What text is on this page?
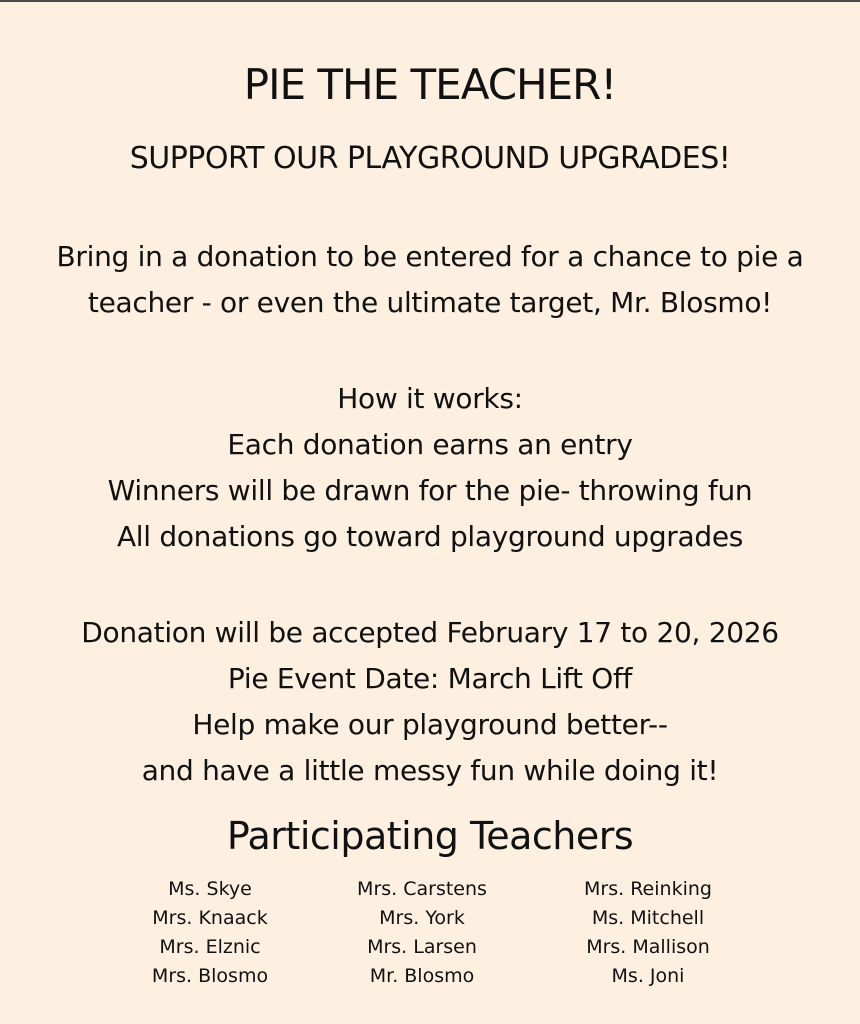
PIE THE TEACHER!
SUPPORT OUR PLAYGROUND UPGRADES!
Bring in a donation to be entered for a chance to pie a
teacher - or even the ultimate target, Mr. Blosmo!
How it works:
Each donation earns an entry
Winners will be drawn for the pie- throwing fun
All donations go toward playground upgrades
Donation will be accepted February 17 to 20, 2026
Pie Event Date: March Lift Off
Help make our playground better--
and have a little messy fun while doing it!
Participating Teachers
Ms. Skye
Mrs. Knaack
Mrs. Elznic
Mrs. Blosmo
Mrs. Carstens
Mrs. York
Mrs. Larsen
Mr. Blosmo
Mrs. Reinking
Ms. Mitchell
Mrs. Mallison
Ms. Joni
